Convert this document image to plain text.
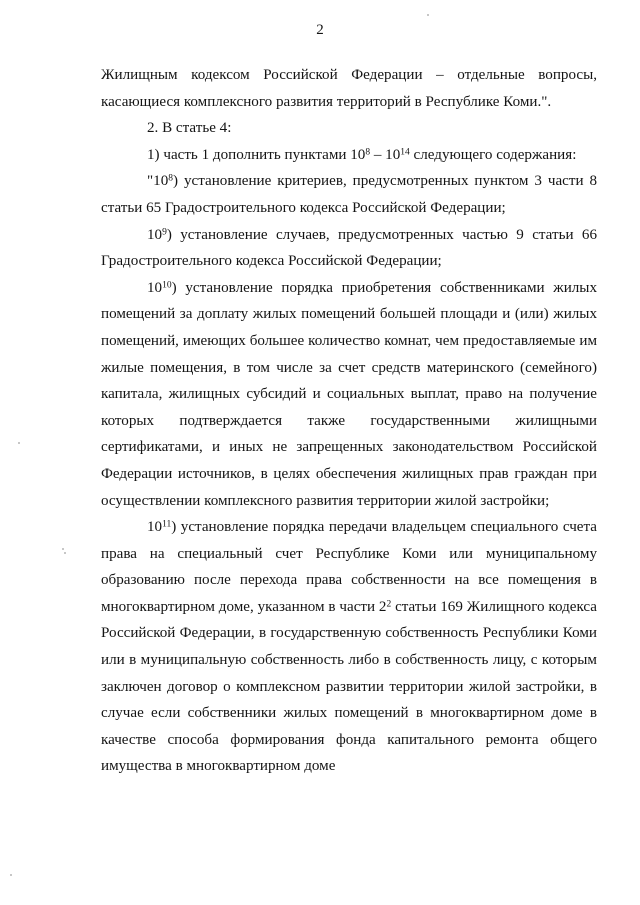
2

Жилищным кодексом Российской Федерации – отдельные вопросы, касающиеся комплексного развития территорий в Республике Коми.".

2. В статье 4:

1) часть 1 дополнить пунктами $10^8 - 10^{14}$ следующего содержания:

"$10^8$) установление критериев, предусмотренных пунктом 3 части 8 статьи 65 Градостроительного кодекса Российской Федерации;

$10^9$) установление случаев, предусмотренных частью 9 статьи 66 Градостроительного кодекса Российской Федерации;

$10^{10}$) установление порядка приобретения собственниками жилых помещений за доплату жилых помещений большей площади и (или) жилых помещений, имеющих большее количество комнат, чем предоставляемые им жилые помещения, в том числе за счет средств материнского (семейного) капитала, жилищных субсидий и социальных выплат, право на получение которых подтверждается также государственными жилищными сертификатами, и иных не запрещенных законодательством Российской Федерации источников, в целях обеспечения жилищных прав граждан при осуществлении комплексного развития территории жилой застройки;

$10^{11}$) установление порядка передачи владельцем специального счета права на специальный счет Республике Коми или муниципальному образованию после перехода права собственности на все помещения в многоквартирном доме, указанном в части $2^2$ статьи 169 Жилищного кодекса Российской Федерации, в государственную собственность Республики Коми или в муниципальную собственность либо в собственность лицу, с которым заключен договор о комплексном развитии территории жилой застройки, в случае если собственники жилых помещений в многоквартирном доме в качестве способа формирования фонда капитального ремонта общего имущества в многоквартирном доме
